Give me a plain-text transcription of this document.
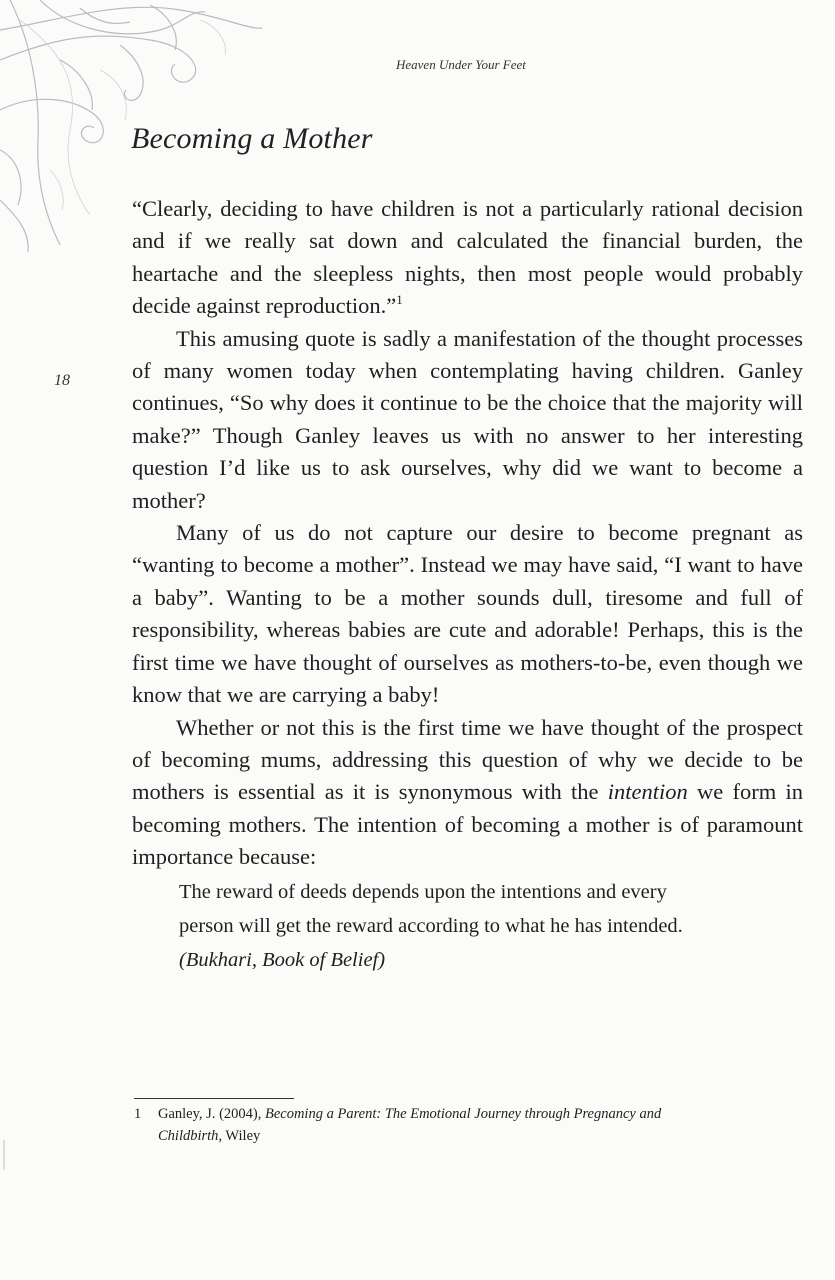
Heaven Under Your Feet
Becoming a Mother
18

“Clearly, deciding to have children is not a particularly rational decision and if we really sat down and calculated the financial burden, the heartache and the sleepless nights, then most people would probably decide against reproduction.”$^1$

This amusing quote is sadly a manifestation of the thought processes of many women today when contemplating having children. Ganley continues, “So why does it continue to be the choice that the majority will make?” Though Ganley leaves us with no answer to her interesting question I’d like us to ask ourselves, why did we want to become a mother?

Many of us do not capture our desire to become pregnant as “wanting to become a mother”. Instead we may have said, “I want to have a baby”. Wanting to be a mother sounds dull, tiresome and full of responsibility, whereas babies are cute and adorable! Perhaps, this is the first time we have thought of ourselves as mothers-to-be, even though we know that we are carrying a baby!

Whether or not this is the first time we have thought of the prospect of becoming mums, addressing this question of why we decide to be mothers is essential as it is synonymous with the intention we form in becoming mothers. The intention of becoming a mother is of paramount importance because:

The reward of deeds depends upon the intentions and every
person will get the reward according to what he has intended.
(Bukhari, Book of Belief)
1 Ganley, J. (2004), Becoming a Parent: The Emotional Journey through Pregnancy and
Childbirth, Wiley
